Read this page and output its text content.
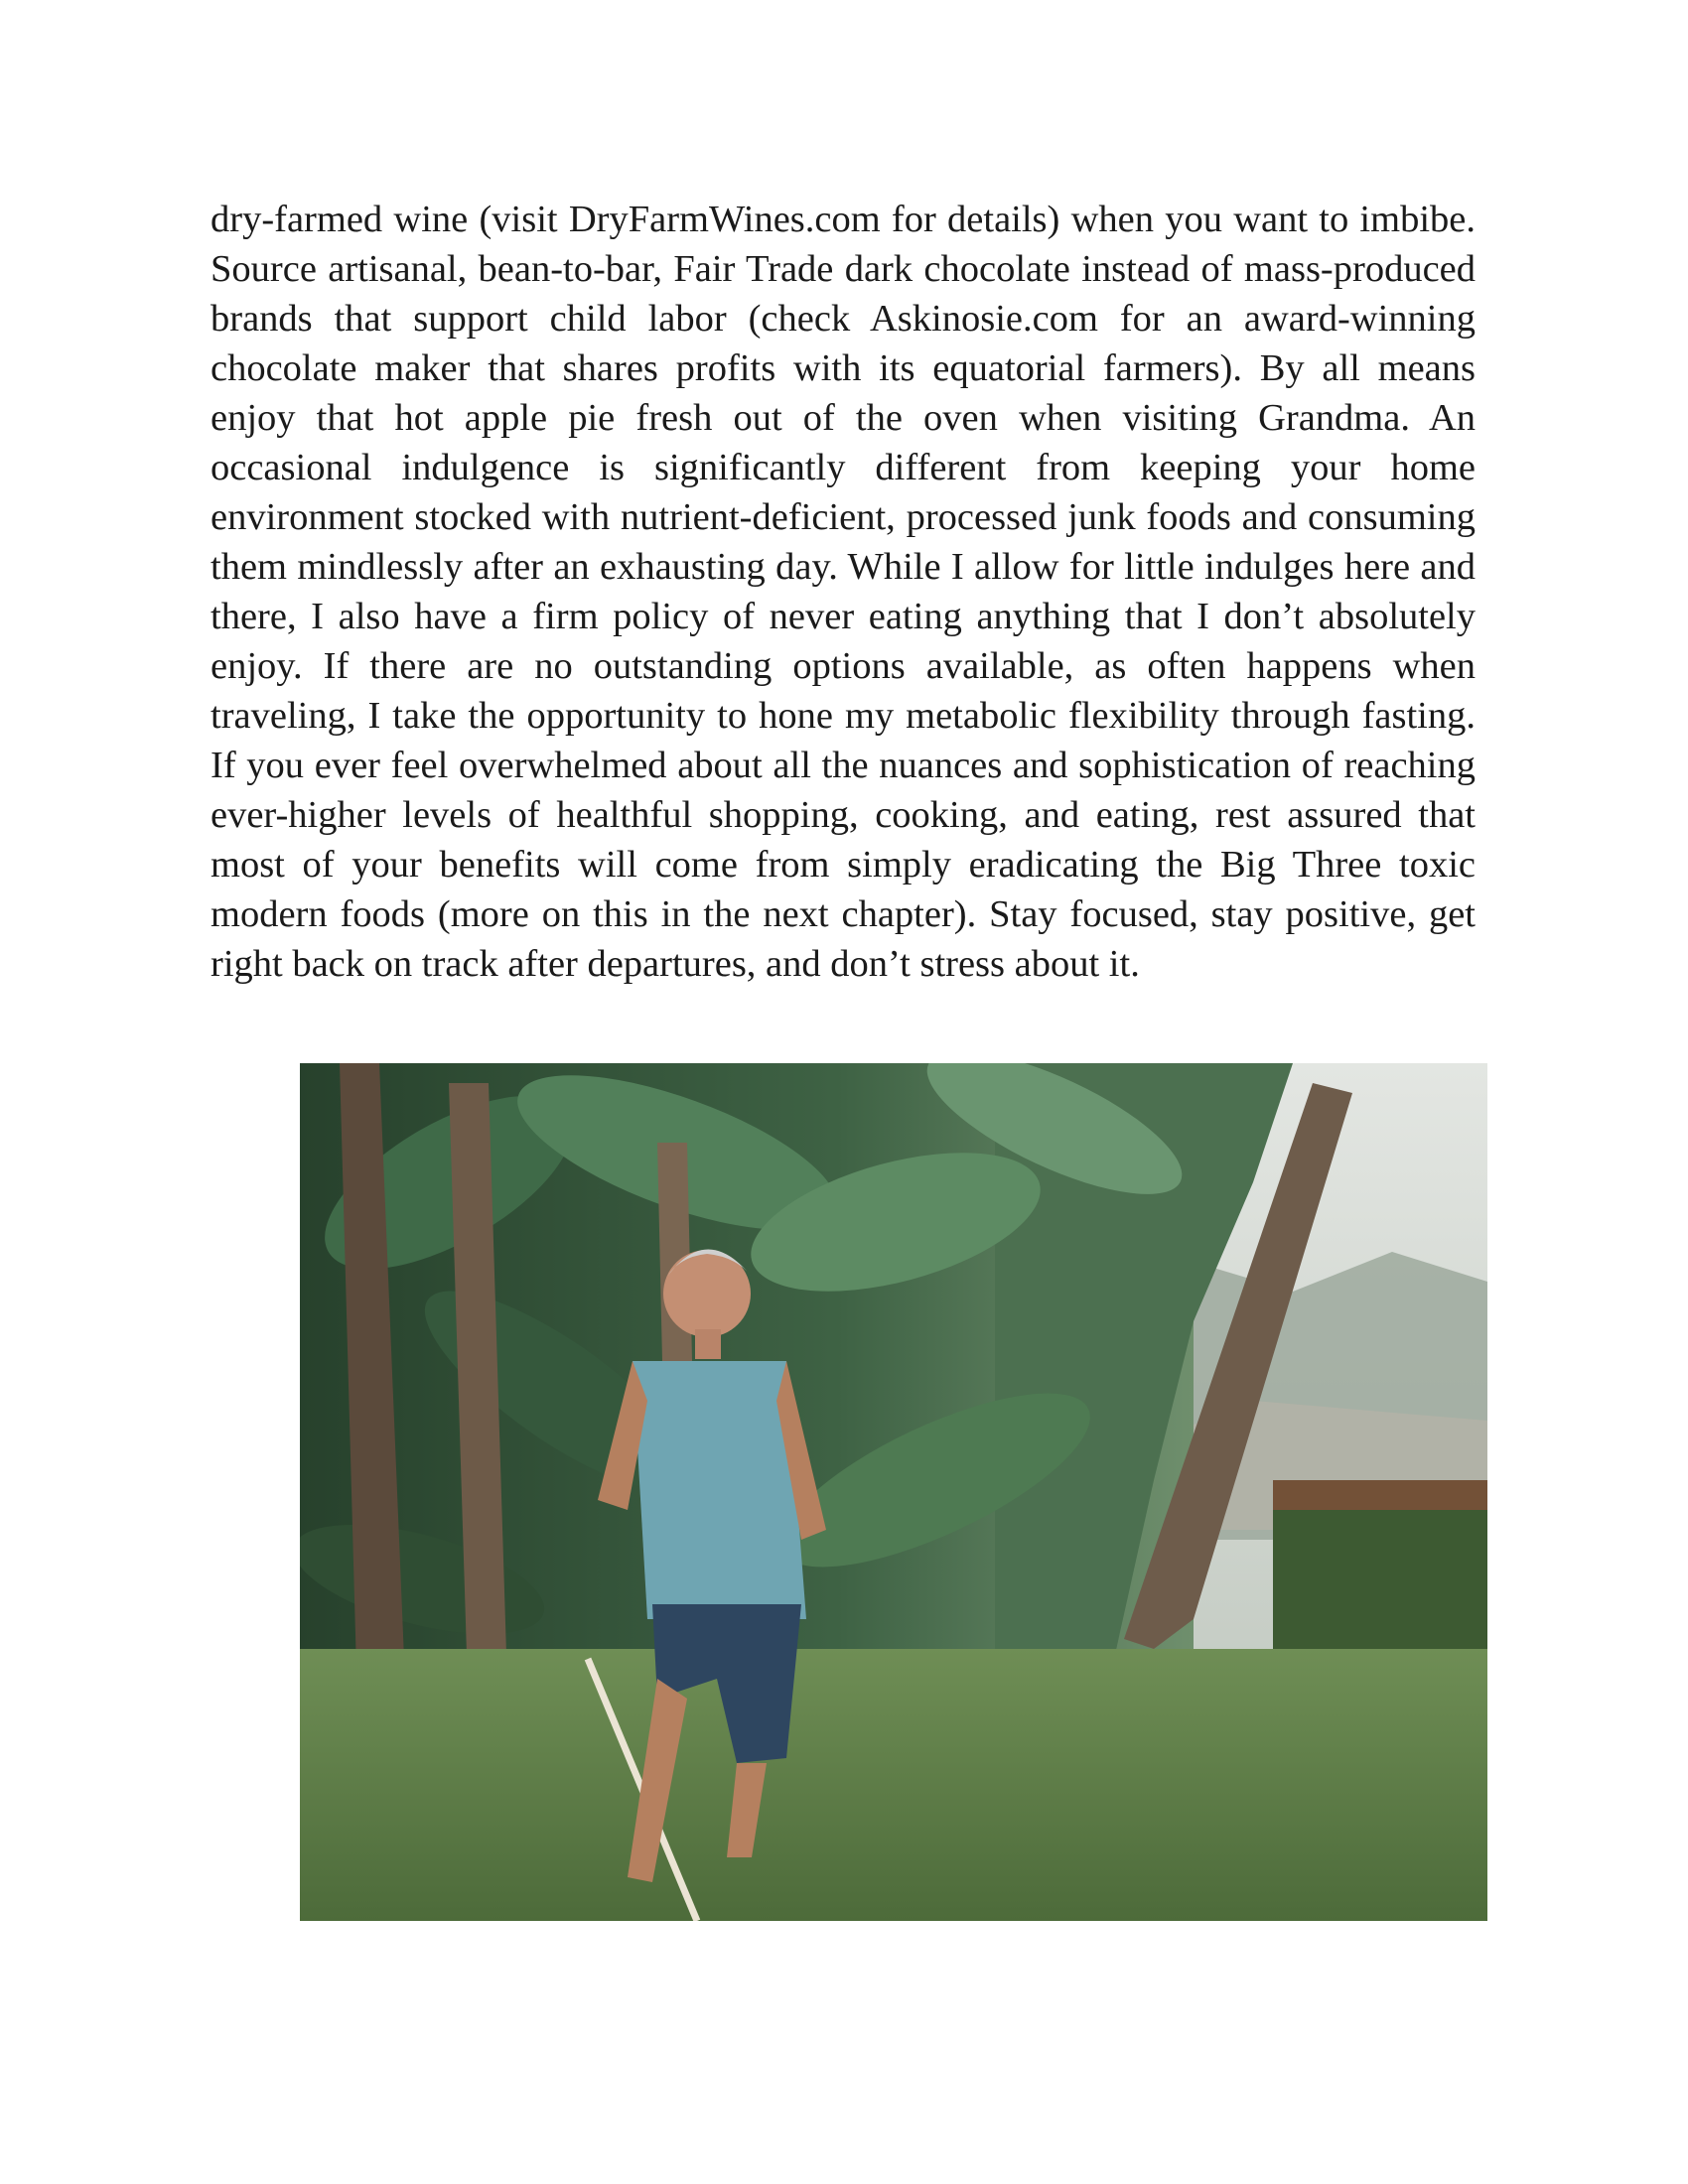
dry-farmed wine (visit DryFarmWines.com for details) when you want to imbibe. Source artisanal, bean-to-bar, Fair Trade dark chocolate instead of mass-produced brands that support child labor (check Askinosie.com for an award-winning chocolate maker that shares profits with its equatorial farmers). By all means enjoy that hot apple pie fresh out of the oven when visiting Grandma. An occasional indulgence is significantly different from keeping your home environment stocked with nutrient-deficient, processed junk foods and consuming them mindlessly after an exhausting day. While I allow for little indulges here and there, I also have a firm policy of never eating anything that I don’t absolutely enjoy. If there are no outstanding options available, as often happens when traveling, I take the opportunity to hone my metabolic flexibility through fasting. If you ever feel overwhelmed about all the nuances and sophistication of reaching ever-higher levels of healthful shopping, cooking, and eating, rest assured that most of your benefits will come from simply eradicating the Big Three toxic modern foods (more on this in the next chapter). Stay focused, stay positive, get right back on track after departures, and don’t stress about it.
